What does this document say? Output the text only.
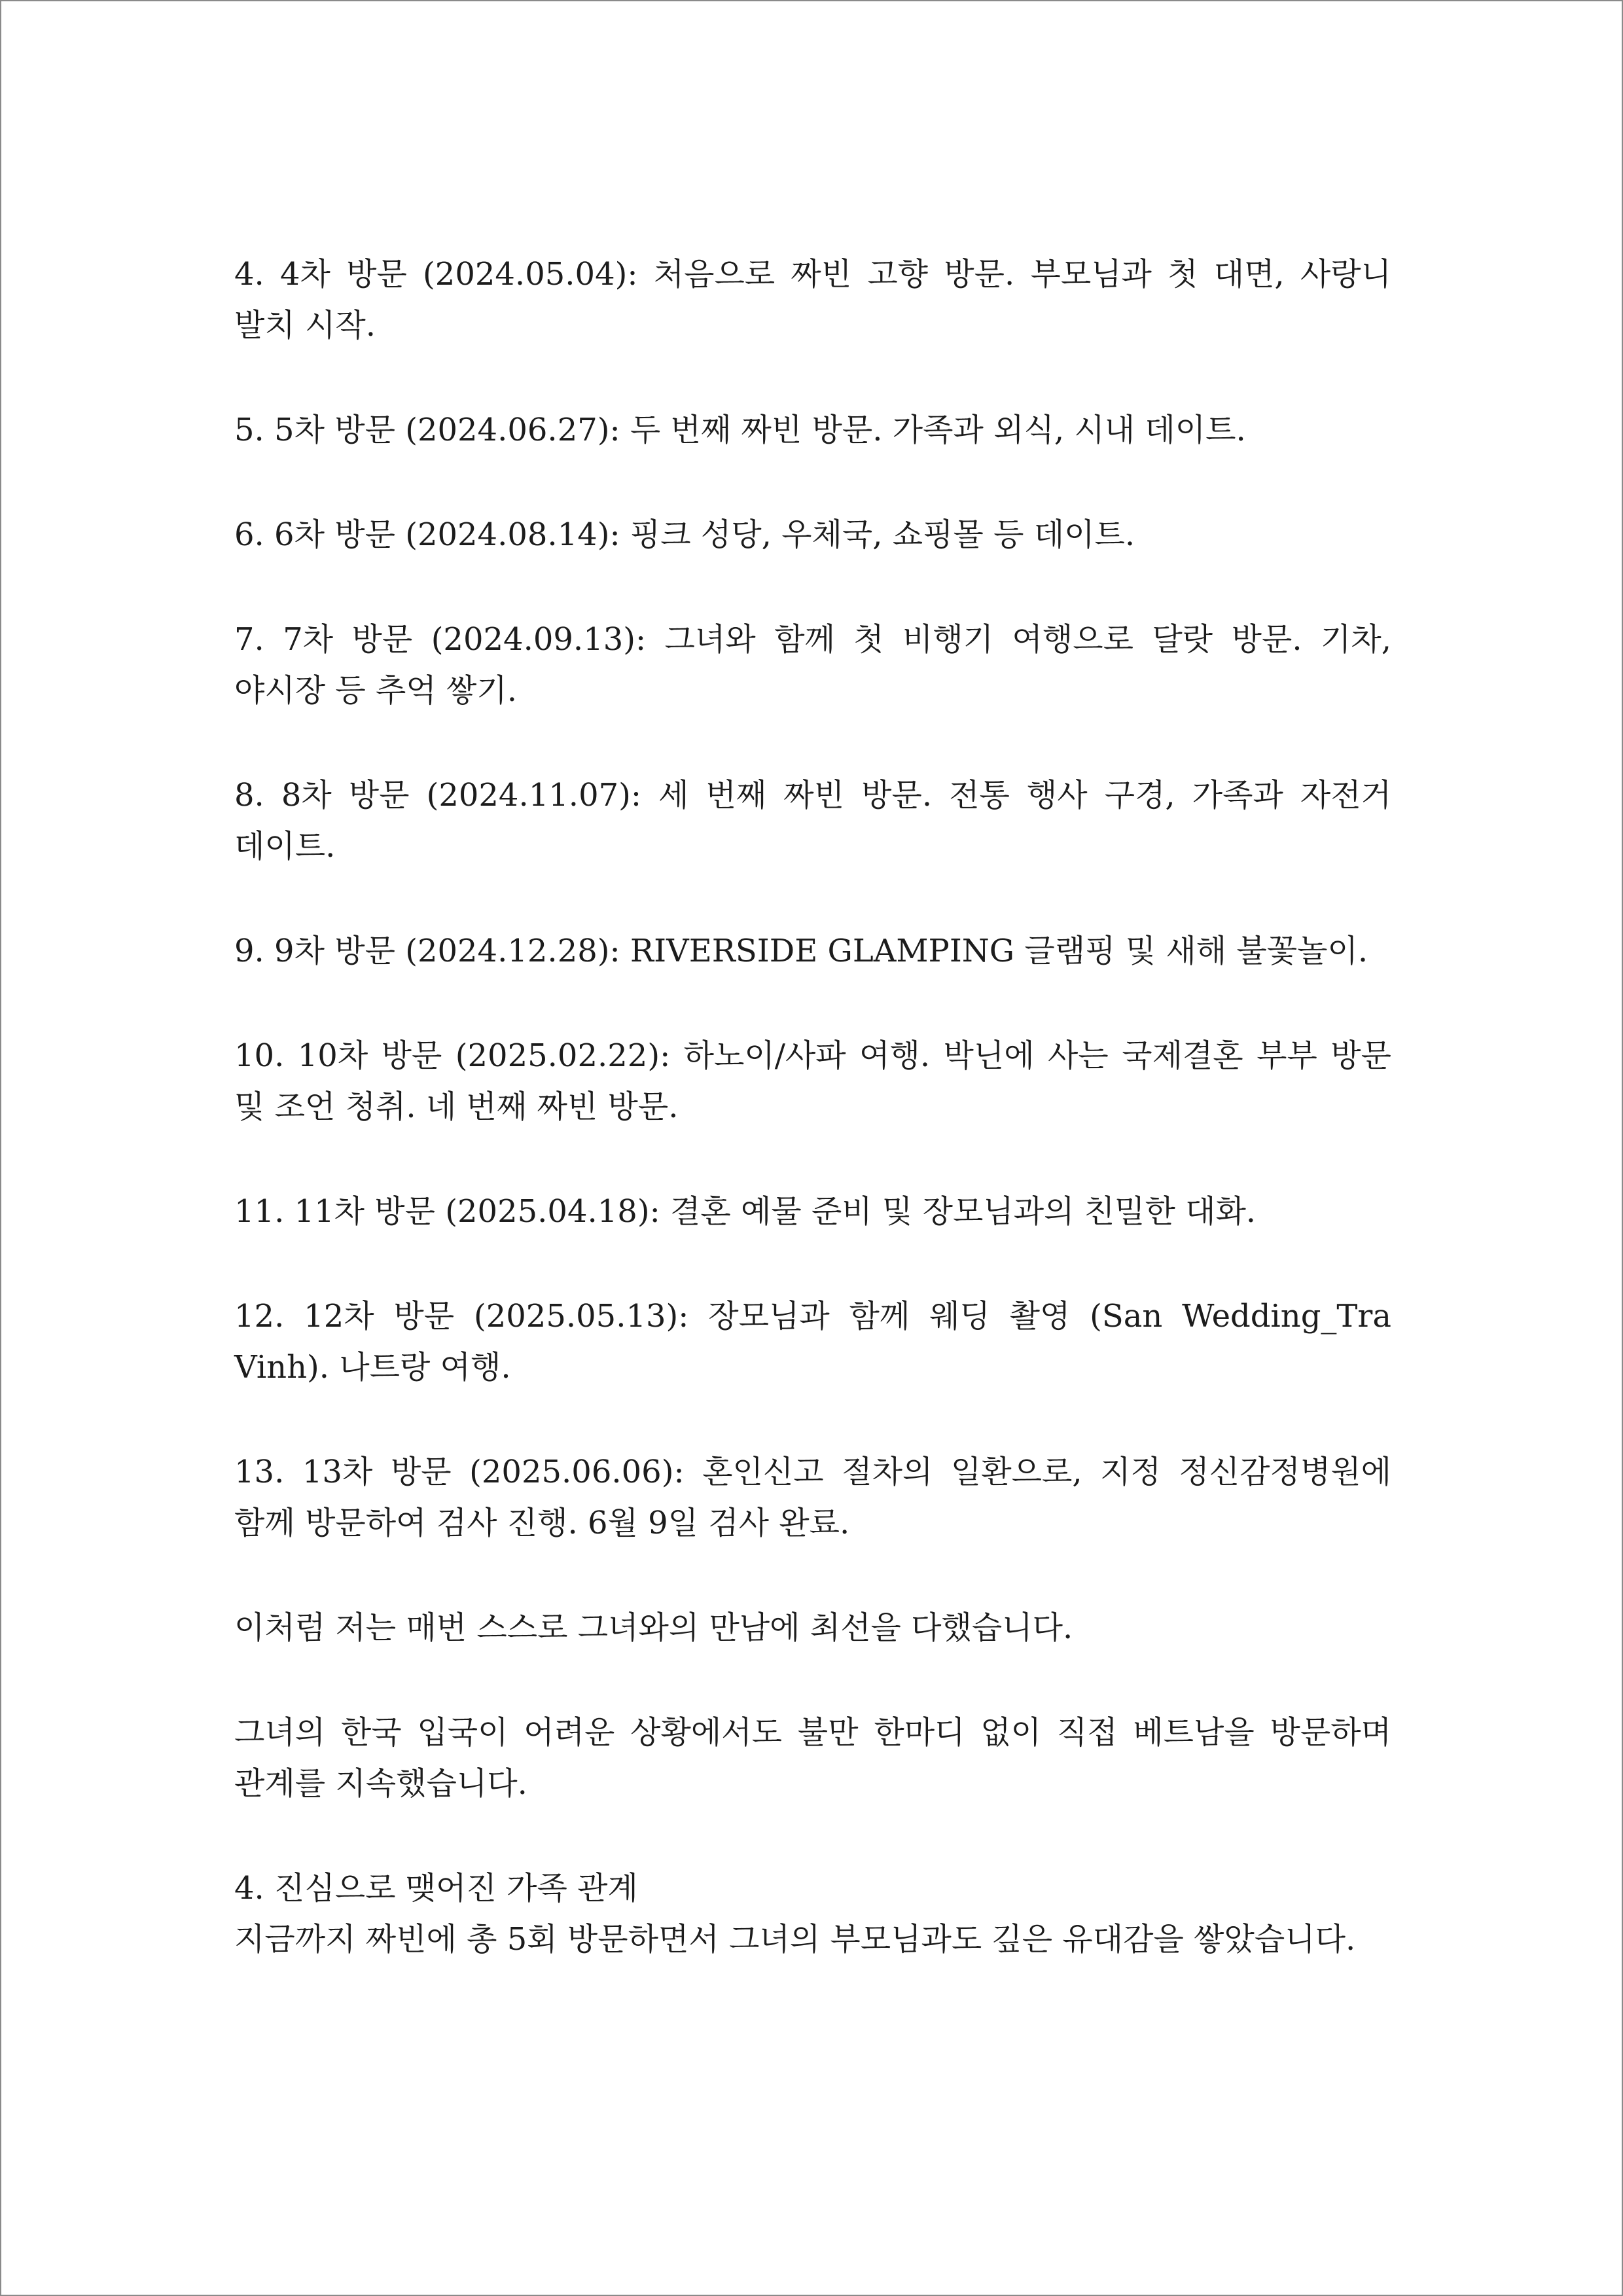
4. 4차 방문 (2024.05.04): 처음으로 짜빈 고향 방문. 부모님과 첫 대면, 사랑니 발치 시작.

5. 5차 방문 (2024.06.27): 두 번째 짜빈 방문. 가족과 외식, 시내 데이트.

6. 6차 방문 (2024.08.14): 핑크 성당, 우체국, 쇼핑몰 등 데이트.

7. 7차 방문 (2024.09.13): 그녀와 함께 첫 비행기 여행으로 달랏 방문. 기차, 야시장 등 추억 쌓기.

8. 8차 방문 (2024.11.07): 세 번째 짜빈 방문. 전통 행사 구경, 가족과 자전거 데이트.

9. 9차 방문 (2024.12.28): RIVERSIDE GLAMPING 글램핑 및 새해 불꽃놀이.

10. 10차 방문 (2025.02.22): 하노이/사파 여행. 박닌에 사는 국제결혼 부부 방문 및 조언 청취. 네 번째 짜빈 방문.

11. 11차 방문 (2025.04.18): 결혼 예물 준비 및 장모님과의 친밀한 대화.

12. 12차 방문 (2025.05.13): 장모님과 함께 웨딩 촬영 (San Wedding_Tra Vinh). 나트랑 여행.

13. 13차 방문 (2025.06.06): 혼인신고 절차의 일환으로, 지정 정신감정병원에 함께 방문하여 검사 진행. 6월 9일 검사 완료.

이처럼 저는 매번 스스로 그녀와의 만남에 최선을 다했습니다.

그녀의 한국 입국이 어려운 상황에서도 불만 한마디 없이 직접 베트남을 방문하며 관계를 지속했습니다.

4. 진심으로 맺어진 가족 관계

지금까지 짜빈에 총 5회 방문하면서 그녀의 부모님과도 깊은 유대감을 쌓았습니다.
